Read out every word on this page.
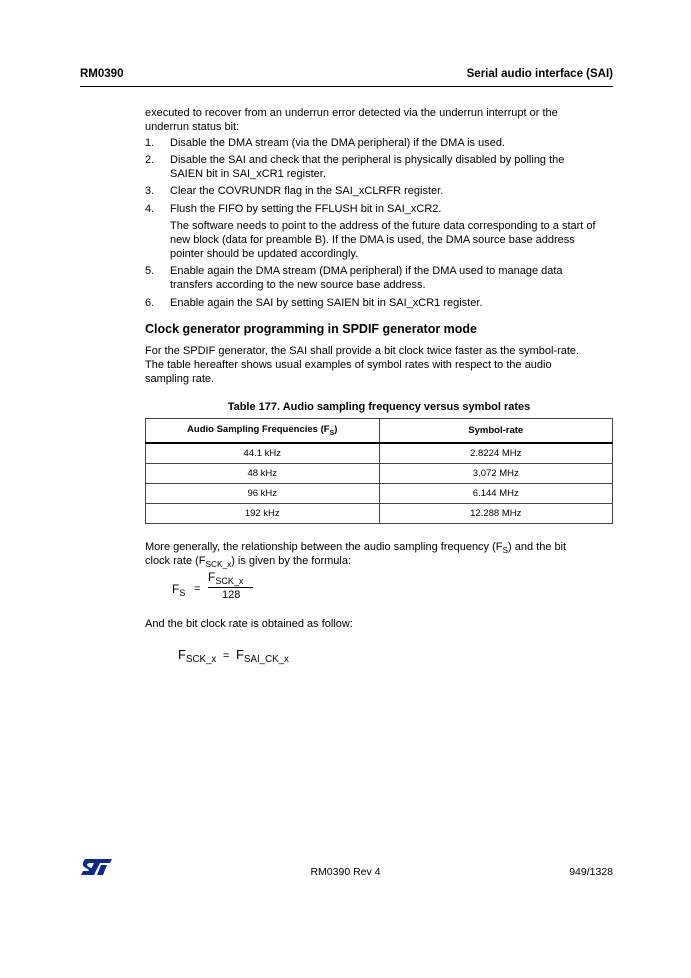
RM0390	Serial audio interface (SAI)
executed to recover from an underrun error detected via the underrun interrupt or the
underrun status bit:
1. Disable the DMA stream (via the DMA peripheral) if the DMA is used.
2. Disable the SAI and check that the peripheral is physically disabled by polling the
SAIEN bit in SAI_xCR1 register.
3. Clear the COVRUNDR flag in the SAI_xCLRFR register.
4. Flush the FIFO by setting the FFLUSH bit in SAI_xCR2.
The software needs to point to the address of the future data corresponding to a start of
new block (data for preamble B). If the DMA is used, the DMA source base address
pointer should be updated accordingly.
5. Enable again the DMA stream (DMA peripheral) if the DMA used to manage data
transfers according to the new source base address.
6. Enable again the SAI by setting SAIEN bit in SAI_xCR1 register.
Clock generator programming in SPDIF generator mode
For the SPDIF generator, the SAI shall provide a bit clock twice faster as the symbol-rate.
The table hereafter shows usual examples of symbol rates with respect to the audio
sampling rate.
Table 177. Audio sampling frequency versus symbol rates
Audio Sampling Frequencies $(F_S)$	Symbol-rate
44.1 kHz	2.8224 MHz
48 kHz	3.072 MHz
96 kHz	6.144 MHz
192 kHz	12.288 MHz
More generally, the relationship between the audio sampling frequency $(F_S)$ and the bit
clock rate $(F_{SCK\_x})$ is given by the formula:
$F_S$ =
$F_{SCK\_x}$
128
And the bit clock rate is obtained as follow:
$F_{SCK\_x} = F_{SAI\_CK\_x}$
RM0390 Rev 4	949/1328
